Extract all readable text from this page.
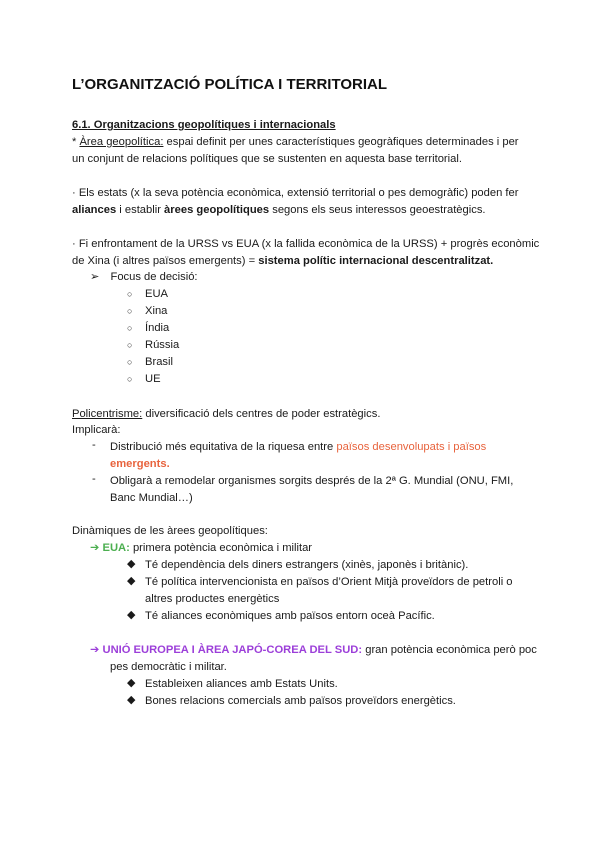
L’ORGANITZACIÓ POLÍTICA I TERRITORIAL
6.1. Organitzacions geopolítiques i internacionals
* Àrea geopolítica: espai definit per unes característiques geogràfiques determinades i per
un conjunt de relacions polítiques que se sustenten en aquesta base territorial.
· Els estats (x la seva potència econòmica, extensió territorial o pes demogràfic) poden fer
aliances i establir àrees geopolítiques segons els seus interessos geoestratègics.
· Fi enfrontament de la URSS vs EUA (x la fallida econòmica de la URSS) + progrès econòmic
de Xina (i altres països emergents) = sistema polític internacional descentralitzat.
➢ Focus de decisió:
○ EUA
○ Xina
○ Índia
○ Rússia
○ Brasil
○ UE
Policentrisme: diversificació dels centres de poder estratègics.
Implicarà:
- Distribució més equitativa de la riquesa entre països desenvolupats i països
emergents.
- Obligarà a remodelar organismes sorgits després de la 2ª G. Mundial (ONU, FMI,
Banc Mundial…)
Dinàmiques de les àrees geopolítiques:
➔ EUA: primera potència econòmica i militar
◆ Té dependència dels diners estrangers (xinès, japonès i britànic).
◆ Té política intervencionista en països d’Orient Mitjà proveïdors de petroli o
altres productes energètics
◆ Té aliances econòmiques amb països entorn oceà Pacífic.
➔ UNIÓ EUROPEA I ÀREA JAPÓ-COREA DEL SUD: gran potència econòmica però poc
pes democràtic i militar.
◆ Estableixen aliances amb Estats Units.
◆ Bones relacions comercials amb països proveïdors energètics.
